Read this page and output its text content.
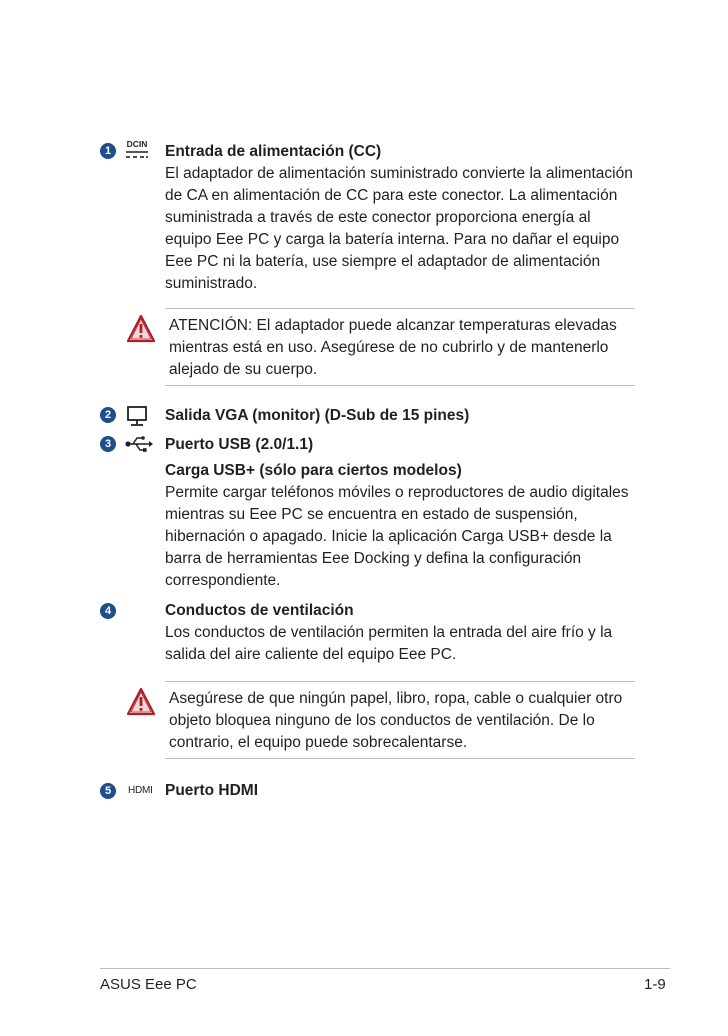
1
DCIN Entrada de alimentación (CC)

El adaptador de alimentación suministrado convierte la alimentación de CA en alimentación de CC para este conector. La alimentación suministrada a través de este conector proporciona energía al equipo Eee PC y carga la batería interna. Para no dañar el equipo Eee PC ni la batería, use siempre el adaptador de alimentación suministrado.

ATENCIÓN: El adaptador puede alcanzar temperaturas elevadas mientras está en uso. Asegúrese de no cubrirlo y de mantenerlo alejado de su cuerpo.
2	Salida VGA (monitor) (D-Sub de 15 pines)
3	Puerto USB (2.0/1.1)
Carga USB+ (sólo para ciertos modelos)

Permite cargar teléfonos móviles o reproductores de audio digitales mientras su Eee PC se encuentra en estado de suspensión, hibernación o apagado. Inicie la aplicación Carga USB+ desde la barra de herramientas Eee Docking y defina la configuración correspondiente.

4	Conductos de ventilación

Los conductos de ventilación permiten la entrada del aire frío y la salida del aire caliente del equipo Eee PC.

Asegúrese de que ningún papel, libro, ropa, cable o cualquier otro objeto bloquea ninguno de los conductos de ventilación. De lo contrario, el equipo puede sobrecalentarse.
5	HDMI Puerto HDMI
ASUS Eee PC	1-9
